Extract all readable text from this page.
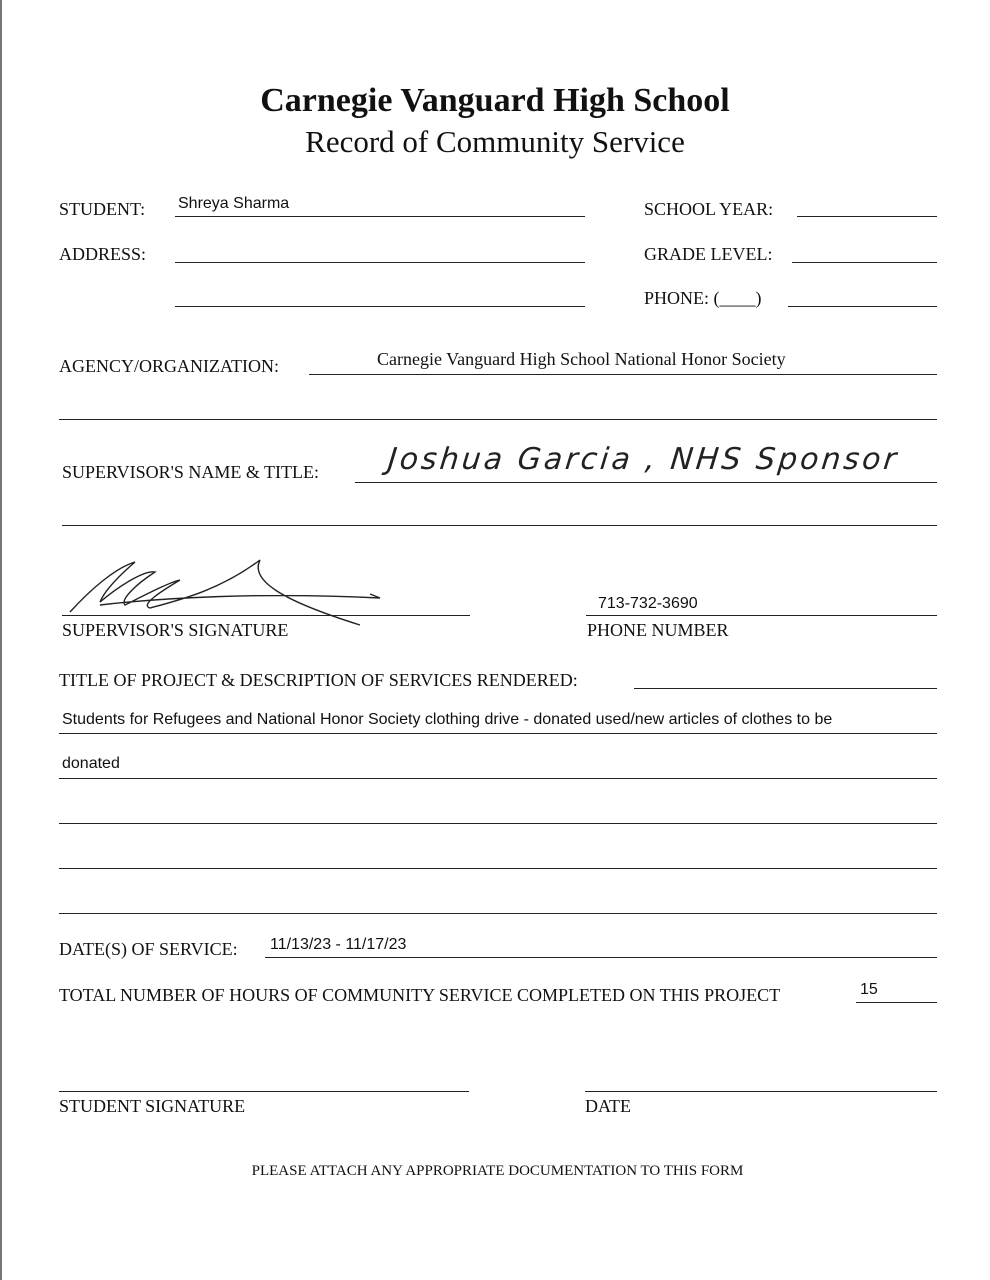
Carnegie Vanguard High School
Record of Community Service
STUDENT: Shreya Sharma	SCHOOL YEAR:
ADDRESS:	GRADE LEVEL:
PHONE: (____)
AGENCY/ORGANIZATION:	Carnegie Vanguard High School National Honor Society
SUPERVISOR'S NAME & TITLE: Joshua Garcia , NHS Sponsor
SUPERVISOR'S SIGNATURE
713-732-3690
PHONE NUMBER
TITLE OF PROJECT & DESCRIPTION OF SERVICES RENDERED:
Students for Refugees and National Honor Society clothing drive - donated used/new articles of clothes to be
donated
DATE(S) OF SERVICE: 11/13/23 - 11/17/23
TOTAL NUMBER OF HOURS OF COMMUNITY SERVICE COMPLETED ON THIS PROJECT	15
STUDENT SIGNATURE	DATE
PLEASE ATTACH ANY APPROPRIATE DOCUMENTATION TO THIS FORM
